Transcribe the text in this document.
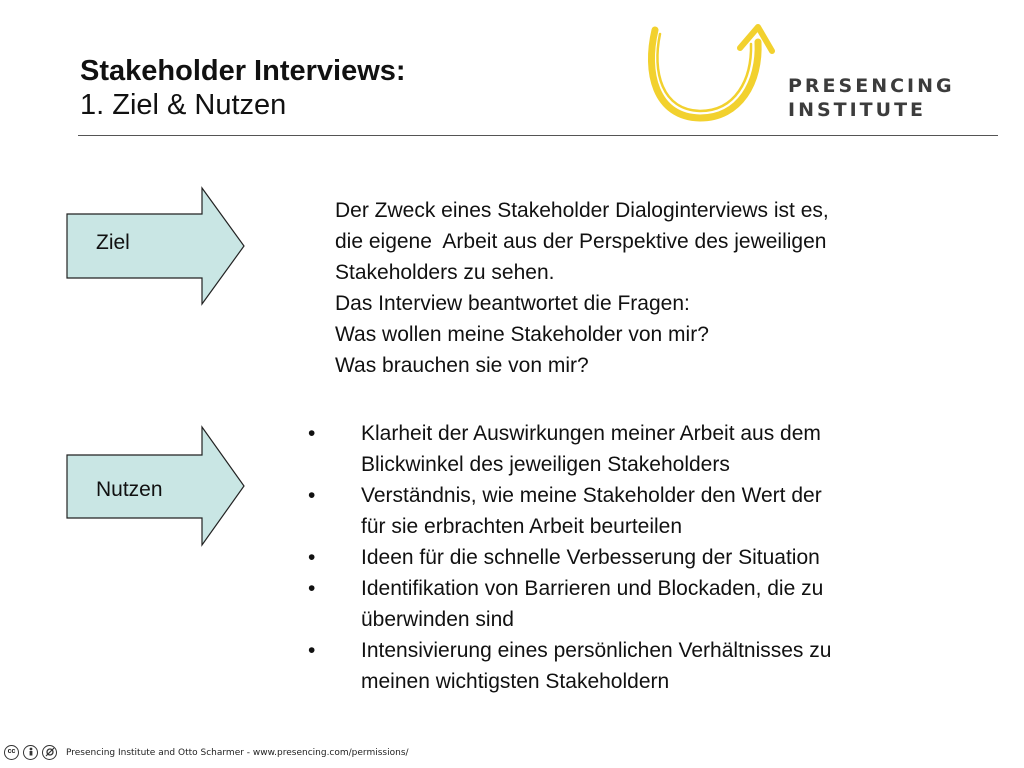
Stakeholder Interviews:
1. Ziel & Nutzen
PRESENCING
INSTITUTE
Ziel
Der Zweck eines Stakeholder Dialoginterviews ist es,
die eigene  Arbeit aus der Perspektive des jeweiligen
Stakeholders zu sehen.
Das Interview beantwortet die Fragen:
Was wollen meine Stakeholder von mir?
Was brauchen sie von mir?
Nutzen
• Klarheit der Auswirkungen meiner Arbeit aus dem
Blickwinkel des jeweiligen Stakeholders
• Verständnis, wie meine Stakeholder den Wert der
für sie erbrachten Arbeit beurteilen
• Ideen für die schnelle Verbesserung der Situation
• Identifikation von Barrieren und Blockaden, die zu
überwinden sind
• Intensivierung eines persönlichen Verhältnisses zu
meinen wichtigsten Stakeholdern
cc	Presencing Institute and Otto Scharmer - www.presencing.com/permissions/
